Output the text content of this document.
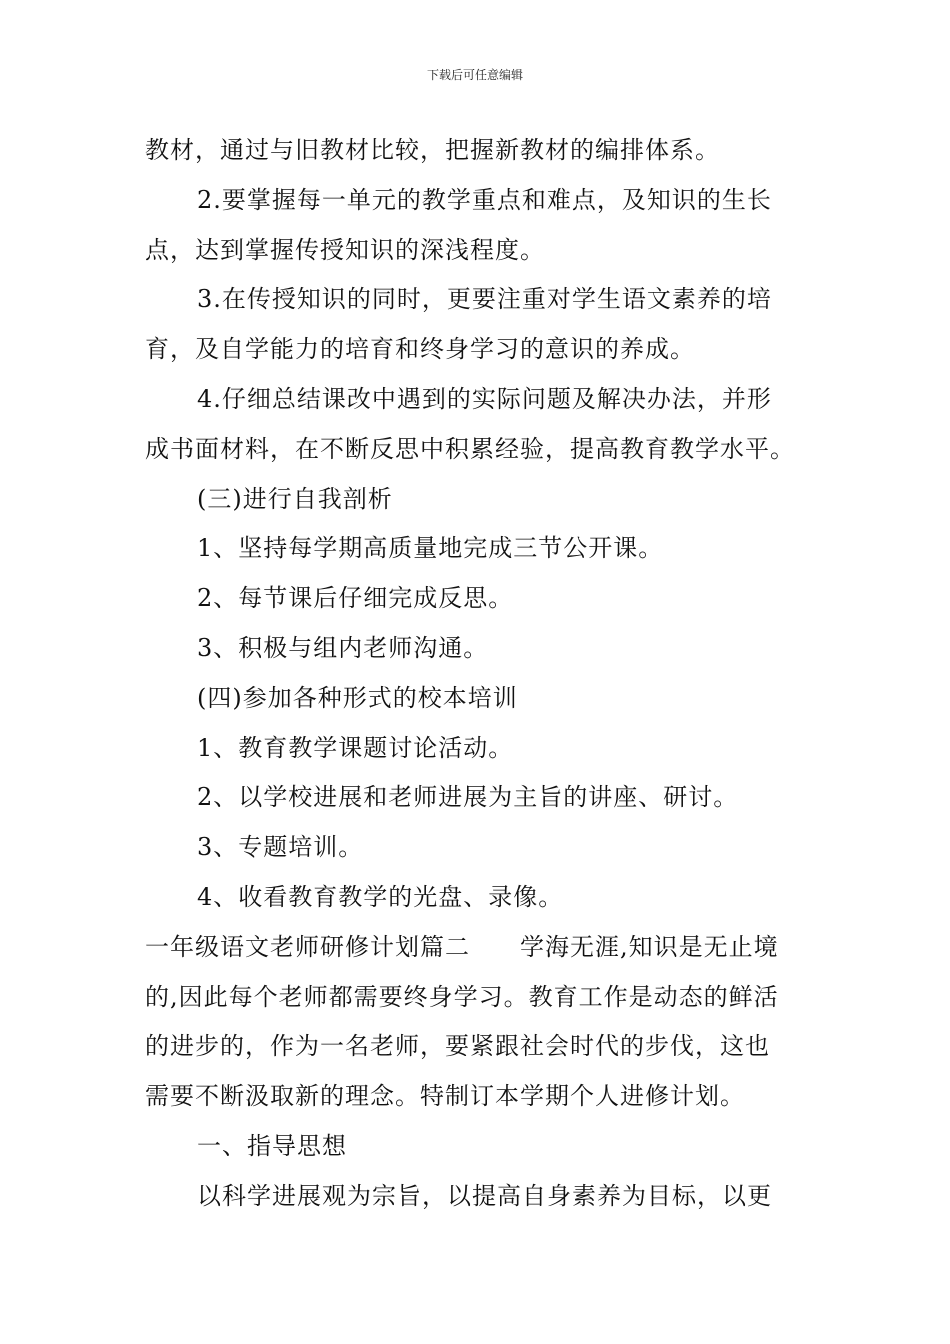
下载后可任意编辑
教材，通过与旧教材比较，把握新教材的编排体系。
2.要掌握每一单元的教学重点和难点，及知识的生长
点，达到掌握传授知识的深浅程度。
3.在传授知识的同时，更要注重对学生语文素养的培
育，及自学能力的培育和终身学习的意识的养成。
4.仔细总结课改中遇到的实际问题及解决办法，并形
成书面材料，在不断反思中积累经验，提高教育教学水平。
(三)进行自我剖析
1、坚持每学期高质量地完成三节公开课。
2、每节课后仔细完成反思。
3、积极与组内老师沟通。
(四)参加各种形式的校本培训
1、教育教学课题讨论活动。
2、以学校进展和老师进展为主旨的讲座、研讨。
3、专题培训。
4、收看教育教学的光盘、录像。
一年级语文老师研修计划篇二　　学海无涯,知识是无止境
的,因此每个老师都需要终身学习。教育工作是动态的鲜活
的进步的，作为一名老师，要紧跟社会时代的步伐，这也
需要不断汲取新的理念。特制订本学期个人进修计划。
一、指导思想
以科学进展观为宗旨，以提高自身素养为目标，以更
